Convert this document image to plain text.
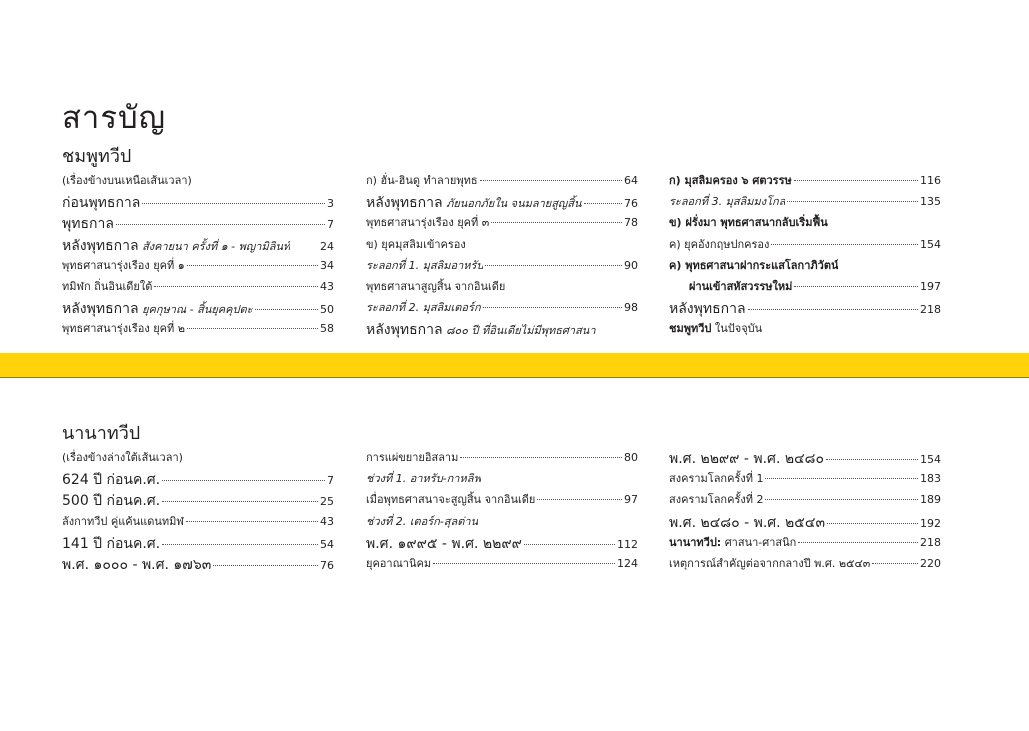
สารบัญ
ชมพูทวีป
(เรื่องข้างบนเหนือเส้นเวลา)
ก่อนพุทธกาล	3
พุทธกาล	7
หลังพุทธกาล สังคายนา ครั้งที่ ๑ - พญามิลินท์	24
พุทธศาสนารุ่งเรือง ยุคที่ ๑	34
ทมิฬก ถิ่นอินเดียใต้	43
หลังพุทธกาล ยุคกุษาณ - สิ้นยุคคุปตะ	50
พุทธศาสนารุ่งเรือง ยุคที่ ๒	58
ก) ฮั่น-ฮินดู ทำลายพุทธ	64
หลังพุทธกาล ภัยนอกภัยใน จนมลายสูญสิ้น	76
พุทธศาสนารุ่งเรือง ยุคที่ ๓	78
ข) ยุคมุสลิมเข้าครอง
ระลอกที่ 1. มุสลิมอาหรับ	90
พุทธศาสนาสูญสิ้น จากอินเดีย
ระลอกที่ 2. มุสลิมเตอร์ก	98
หลังพุทธกาล ๘๐๐ ปี ที่อินเดียไม่มีพุทธศาสนา
ก) มุสลิมครอง ๖ ศตวรรษ	116
ระลอกที่ 3. มุสลิมมงโกล	135
ข) ฝรั่งมา พุทธศาสนากลับเริ่มฟื้น
ค) ยุคอังกฤษปกครอง	154
ค) พุทธศาสนาฝากระแสโลกาภิวัตน์
ผ่านเข้าสหัสวรรษใหม่	197
หลังพุทธกาล	218
ชมพูทวีป ในปัจจุบัน
นานาทวีป
(เรื่องข้างล่างใต้เส้นเวลา)
624 ปี ก่อนค.ศ.	7
500 ปี ก่อนค.ศ.	25
ลังกาทวีป คู่แค้นแดนทมิฬ	43
141 ปี ก่อนค.ศ.	54
พ.ศ. ๑๐๐๐ - พ.ศ. ๑๗๖๓	76
การแผ่ขยายอิสลาม	80
ช่วงที่ 1. อาหรับ-กาหลิฟ
เมื่อพุทธศาสนาจะสูญสิ้น จากอินเดีย	97
ช่วงที่ 2. เตอร์ก-สุลต่าน
พ.ศ. ๑๙๙๕ - พ.ศ. ๒๒๙๙	112
ยุคอาณานิคม	124
พ.ศ. ๒๒๙๙ - พ.ศ. ๒๔๘๐	154
สงครามโลกครั้งที่ 1	183
สงครามโลกครั้งที่ 2	189
พ.ศ. ๒๔๘๐ - พ.ศ. ๒๕๔๓	192
นานาทวีป: ศาสนา-ศาสนิก	218
เหตุการณ์สำคัญต่อจากกลางปี พ.ศ. ๒๕๔๓	220
